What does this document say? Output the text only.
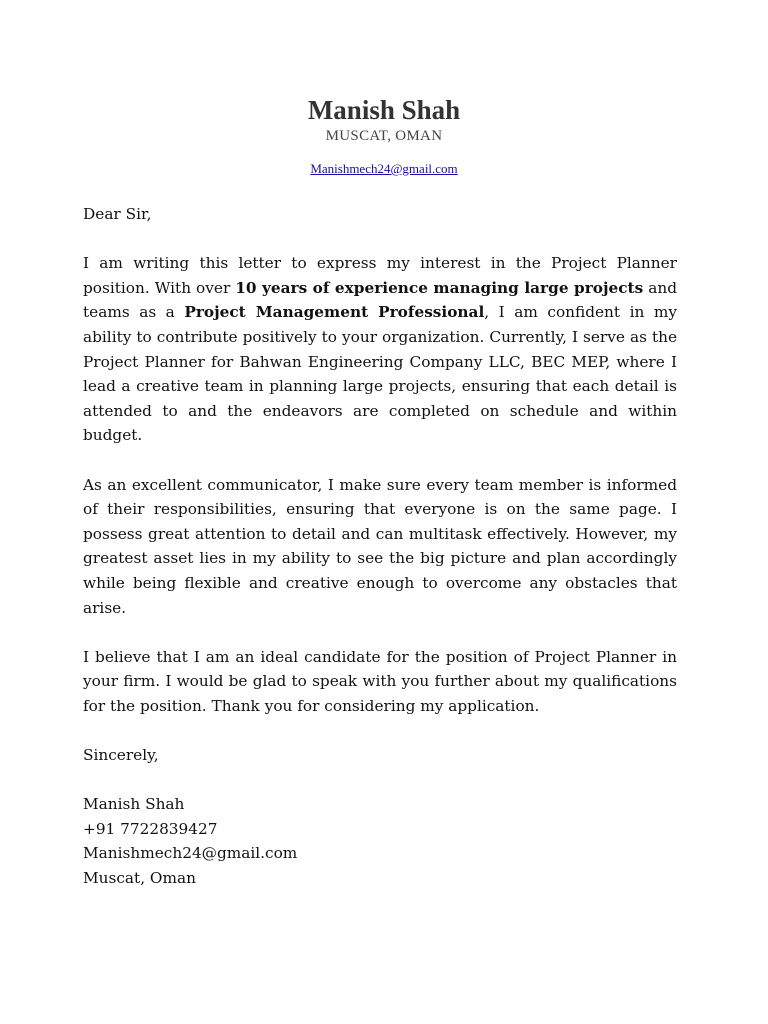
Manish Shah
MUSCAT, OMAN
Manishmech24@gmail.com

Dear Sir,

I am writing this letter to express my interest in the Project Planner position. With over 10 years of experience managing large projects and teams as a Project Management Professional, I am confident in my ability to contribute positively to your organization. Currently, I serve as the Project Planner for Bahwan Engineering Company LLC, BEC MEP, where I lead a creative team in planning large projects, ensuring that each detail is attended to and the endeavors are completed on schedule and within budget.

As an excellent communicator, I make sure every team member is informed of their responsibilities, ensuring that everyone is on the same page. I possess great attention to detail and can multitask effectively. However, my greatest asset lies in my ability to see the big picture and plan accordingly while being flexible and creative enough to overcome any obstacles that arise.

I believe that I am an ideal candidate for the position of Project Planner in your firm. I would be glad to speak with you further about my qualifications for the position. Thank you for considering my application.

Sincerely,

Manish Shah
+91 7722839427
Manishmech24@gmail.com
Muscat, Oman
